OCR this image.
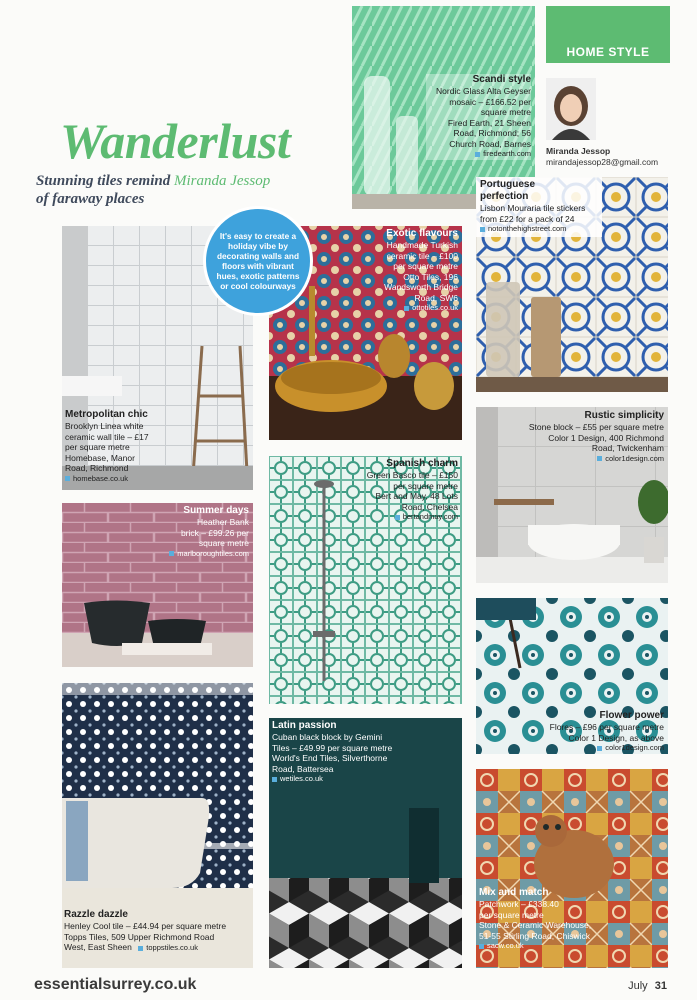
HOME STYLE
Miranda Jessop
mirandajessop28@gmail.com
Wanderlust
Stunning tiles remind Miranda Jessop
of faraway places
Scandi style
Nordic Glass Alta Geyser
mosaic – £166.52 per
square metre
Fired Earth, 21 Sheen
Road, Richmond; 56
Church Road, Barnes
firedearth.com
Portuguese
perfection
Lisbon Mouraria tile stickers
from £22 for a pack of 24
notonthehighstreet.com
Metropolitan chic
Brooklyn Linea white
ceramic wall tile – £17
per square metre
Homebase, Manor
Road, Richmond
homebase.co.uk
Exotic flavours
Handmade Turkish
ceramic tile – £100
per square metre
Otto Tiles, 196
Wandsworth Bridge
Road, SW6
ottotiles.co.uk
It's easy to create a holiday vibe by decorating walls and floors with vibrant hues, exotic patterns or cool colourways
Rustic simplicity
Stone block – £55 per square metre
Color 1 Design, 400 Richmond
Road, Twickenham
color1design.com
Summer days
Heather Bank
brick – £99.26 per
square metre
marlboroughtiles.com
Spanish charm
Green Basco tile – £150
per square metre
Bert and May, 48 Lots
Road, Chelsea
bertandmay.com
Flower power
Flores – £96 per square metre
Color 1 Design, as above
color1design.com
Razzle dazzle
Henley Cool tile – £44.94 per square metre
Topps Tiles, 509 Upper Richmond Road
West, East Sheen toppstiles.co.uk
Latin passion
Cuban black block by Gemini
Tiles – £49.99 per square metre
World's End Tiles, Silverthorne
Road, Battersea
wetiles.co.uk
Mix and match
Patchwork – £338.40
per square metre
Stone & Ceramic Warehouse,
51-55 Stirling Road, Chiswick
sacw.co.uk
essentialsurrey.co.uk	July 31
